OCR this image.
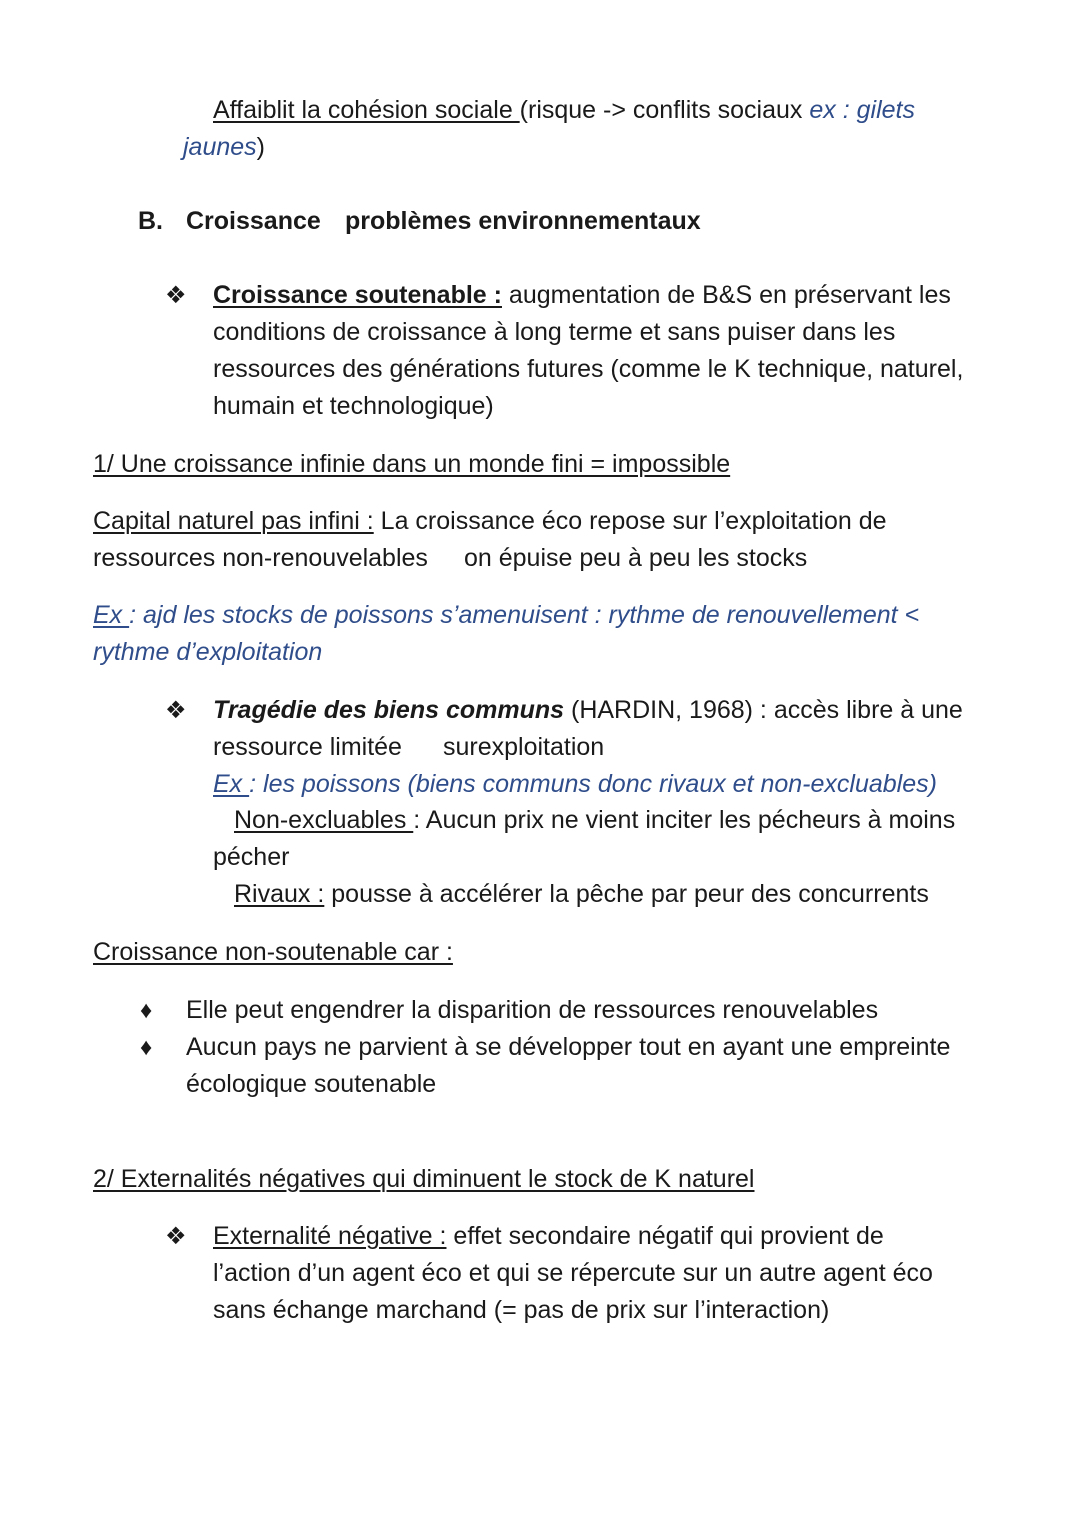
Affaiblit la cohésion sociale (risque -> conflits sociaux ex : gilets
jaunes)
B. Croissance problèmes environnementaux
❖ Croissance soutenable : augmentation de B&S en préservant les
conditions de croissance à long terme et sans puiser dans les
ressources des générations futures (comme le K technique, naturel,
humain et technologique)
1/ Une croissance infinie dans un monde fini = impossible
Capital naturel pas infini : La croissance éco repose sur l’exploitation de
ressources non-renouvelables on épuise peu à peu les stocks
Ex : ajd les stocks de poissons s’amenuisent : rythme de renouvellement <
rythme d’exploitation
❖ Tragédie des biens communs (HARDIN, 1968) : accès libre à une
ressource limitée surexploitation
Ex : les poissons (biens communs donc rivaux et non-excluables)
Non-excluables : Aucun prix ne vient inciter les pécheurs à moins
pécher
Rivaux : pousse à accélérer la pêche par peur des concurrents
Croissance non-soutenable car :
♦ Elle peut engendrer la disparition de ressources renouvelables
♦ Aucun pays ne parvient à se développer tout en ayant une empreinte
écologique soutenable
2/ Externalités négatives qui diminuent le stock de K naturel
❖ Externalité négative : effet secondaire négatif qui provient de
l’action d’un agent éco et qui se répercute sur un autre agent éco
sans échange marchand (= pas de prix sur l’interaction)
